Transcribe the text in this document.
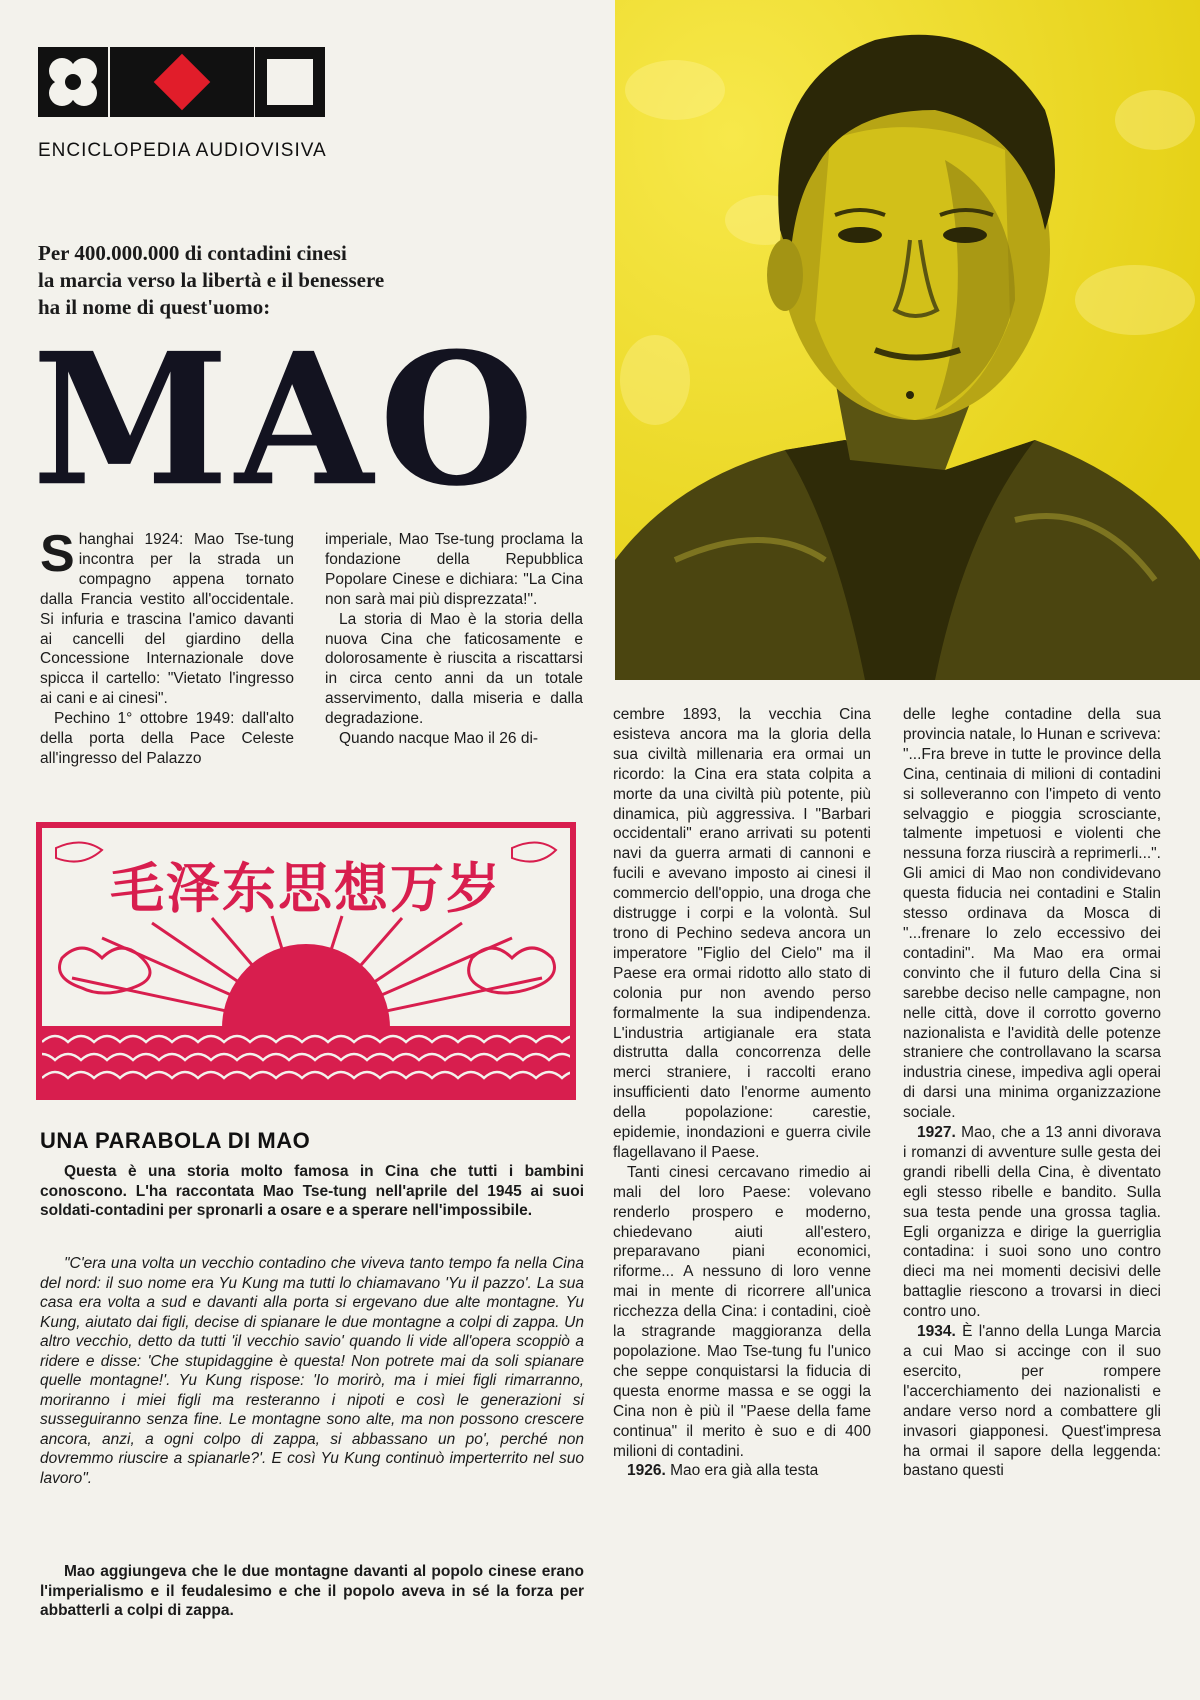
ENCICLOPEDIA AUDIOVISIVA
Per 400.000.000 di contadini cinesi
la marcia verso la libertà e il benessere
ha il nome di quest'uomo:
MAO

Shanghai 1924: Mao Tse-tung incontra per la strada un compagno appena tornato dalla Francia vestito all'occidentale. Si infuria e trascina l'amico davanti ai cancelli del giardino della Concessione Internazionale dove spicca il cartello: "Vietato l'ingresso ai cani e ai cinesi".

Pechino 1° ottobre 1949: dall'alto della porta della Pace Celeste all'ingresso del Palazzo

imperiale, Mao Tse-tung proclama la fondazione della Repubblica Popolare Cinese e dichiara: "La Cina non sarà mai più disprezzata!".

La storia di Mao è la storia della nuova Cina che faticosamente e dolorosamente è riuscita a riscattarsi in circa cento anni da un totale asservimento, dalla miseria e dalla degradazione.

Quando nacque Mao il 26 di-

cembre 1893, la vecchia Cina esisteva ancora ma la gloria della sua civiltà millenaria era ormai un ricordo: la Cina era stata colpita a morte da una civiltà più potente, più dinamica, più aggressiva. I "Barbari occidentali" erano arrivati su potenti navi da guerra armati di cannoni e fucili e avevano imposto ai cinesi il commercio dell'oppio, una droga che distrugge i corpi e la volontà. Sul trono di Pechino sedeva ancora un imperatore "Figlio del Cielo" ma il Paese era ormai ridotto allo stato di colonia pur non avendo perso formalmente la sua indipendenza. L'industria artigianale era stata distrutta dalla concorrenza delle merci straniere, i raccolti erano insufficienti dato l'enorme aumento della popolazione: carestie, epidemie, inondazioni e guerra civile flagellavano il Paese.

Tanti cinesi cercavano rimedio ai mali del loro Paese: volevano renderlo prospero e moderno, chiedevano aiuti all'estero, preparavano piani economici, riforme... A nessuno di loro venne mai in mente di ricorrere all'unica ricchezza della Cina: i contadini, cioè la stragrande maggioranza della popolazione. Mao Tse-tung fu l'unico che seppe conquistarsi la fiducia di questa enorme massa e se oggi la Cina non è più il "Paese della fame continua" il merito è suo e di 400 milioni di contadini.

1926. Mao era già alla testa

delle leghe contadine della sua provincia natale, lo Hunan e scriveva: "...Fra breve in tutte le province della Cina, centinaia di milioni di contadini si solleveranno con l'impeto di vento selvaggio e pioggia scrosciante, talmente impetuosi e violenti che nessuna forza riuscirà a reprimerli...". Gli amici di Mao non condividevano questa fiducia nei contadini e Stalin stesso ordinava da Mosca di "...frenare lo zelo eccessivo dei contadini". Ma Mao era ormai convinto che il futuro della Cina si sarebbe deciso nelle campagne, non nelle città, dove il corrotto governo nazionalista e l'avidità delle potenze straniere che controllavano la scarsa industria cinese, impediva agli operai di darsi una minima organizzazione sociale.

1927. Mao, che a 13 anni divorava i romanzi di avventure sulle gesta dei grandi ribelli della Cina, è diventato egli stesso ribelle e bandito. Sulla sua testa pende una grossa taglia. Egli organizza e dirige la guerriglia contadina: i suoi sono uno contro dieci ma nei momenti decisivi delle battaglie riescono a trovarsi in dieci contro uno.

1934. È l'anno della Lunga Marcia a cui Mao si accinge con il suo esercito, per rompere l'accerchiamento dei nazionalisti e andare verso nord a combattere gli invasori giapponesi. Quest'impresa ha ormai il sapore della leggenda: bastano questi

毛泽东思想万岁
UNA PARABOLA DI MAO
Questa è una storia molto famosa in Cina che tutti i bambini conoscono. L'ha raccontata Mao Tse-tung nell'aprile del 1945 ai suoi soldati-contadini per spronarli a osare e a sperare nell'impossibile.
"C'era una volta un vecchio contadino che viveva tanto tempo fa nella Cina del nord: il suo nome era Yu Kung ma tutti lo chiamavano 'Yu il pazzo'. La sua casa era volta a sud e davanti alla porta si ergevano due alte montagne. Yu Kung, aiutato dai figli, decise di spianare le due montagne a colpi di zappa. Un altro vecchio, detto da tutti 'il vecchio savio' quando li vide all'opera scoppiò a ridere e disse: 'Che stupidaggine è questa! Non potrete mai da soli spianare quelle montagne!'. Yu Kung rispose: 'Io morirò, ma i miei figli rimarranno, moriranno i miei figli ma resteranno i nipoti e così le generazioni si susseguiranno senza fine. Le montagne sono alte, ma non possono crescere ancora, anzi, a ogni colpo di zappa, si abbassano un po', perché non dovremmo riuscire a spianarle?'. E così Yu Kung continuò imperterrito nel suo lavoro".
Mao aggiungeva che le due montagne davanti al popolo cinese erano l'imperialismo e il feudalesimo e che il popolo aveva in sé la forza per abbatterli a colpi di zappa.
